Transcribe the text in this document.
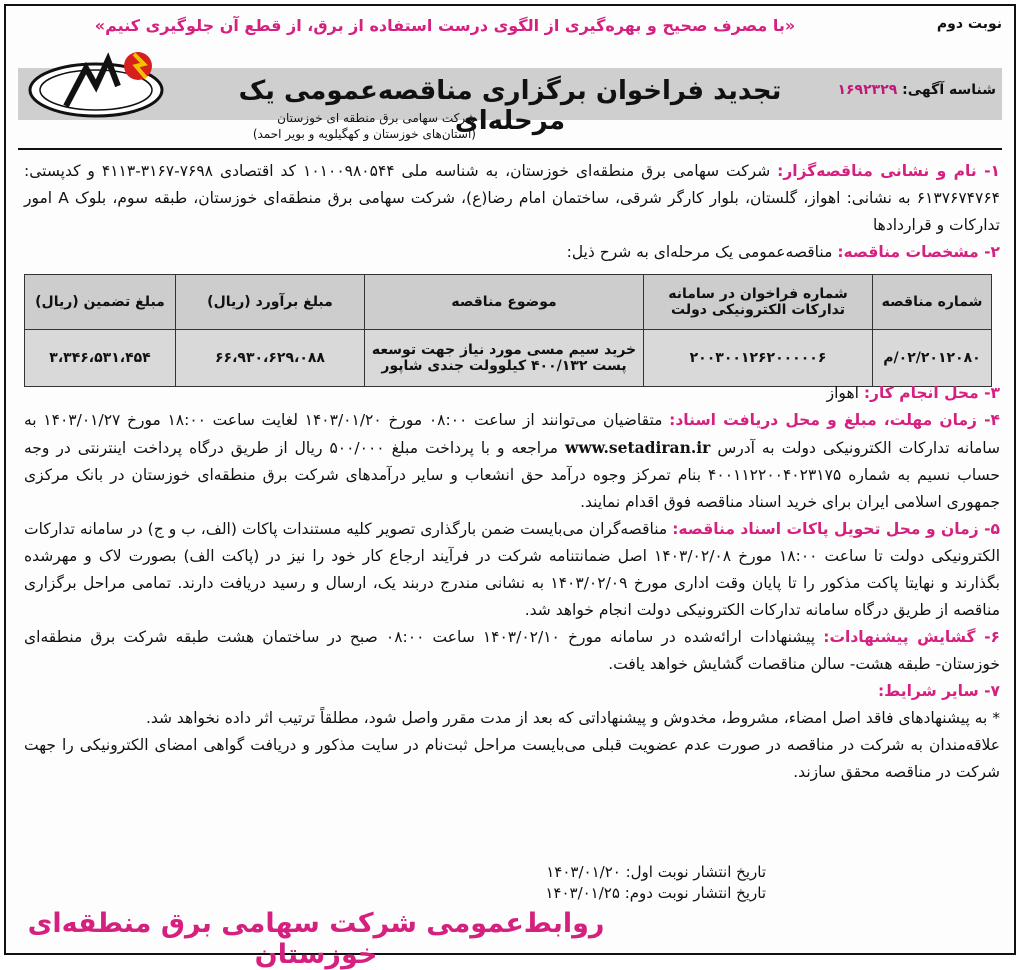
«با مصرف صحیح و بهره‌گیری از الگوی درست استفاده از برق، از قطع آن جلوگیری کنیم»	نوبت دوم
شناسه آگهی: ۱۶۹۲۳۲۹
تجدید فراخوان برگزاری مناقصه‌عمومی یک مرحله‌ای
شرکت سهامی برق منطقه ای خوزستان
(استان‌های خوزستان و کهگیلویه و بویر احمد)

۱- نام و نشانی مناقصه‌گزار: شرکت سهامی برق منطقه‌ای خوزستان، به شناسه ملی ۱۰۱۰۰۹۸۰۵۴۴ کد اقتصادی ۷۶۹۸-۳۱۶۷-۴۱۱۳ و کدپستی: ۶۱۳۷۶۷۴۷۶۴ به نشانی: اهواز، گلستان، بلوار کارگر شرقی، ساختمان امام رضا(ع)، شرکت سهامی برق منطقه‌ای خوزستان، طبقه سوم، بلوک A امور تدارکات و قراردادها

۲- مشخصات مناقصه: مناقصه‌عمومی یک مرحله‌ای به شرح ذیل:

شماره مناقصه	شماره فراخوان در سامانه تدارکات الکترونیکی دولت	موضوع مناقصه	مبلغ برآورد (ریال)	مبلغ تضمین (ریال)
۰۲/۲۰۱۲۰۸۰/م	۲۰۰۳۰۰۱۲۶۲۰۰۰۰۰۶	خرید سیم مسی مورد نیاز جهت توسعه پست ۴۰۰/۱۳۲ کیلوولت جندی شاپور	۶۶،۹۳۰،۶۲۹،۰۸۸	۳،۳۴۶،۵۳۱،۴۵۴

۳- محل انجام کار: اهواز

۴- زمان مهلت، مبلغ و محل دریافت اسناد: متقاضیان می‌توانند از ساعت ۰۸:۰۰ مورخ ۱۴۰۳/۰۱/۲۰ لغایت ساعت ۱۸:۰۰ مورخ ۱۴۰۳/۰۱/۲۷ به سامانه تدارکات الکترونیکی دولت به آدرس www.setadiran.ir مراجعه و با پرداخت مبلغ ۵۰۰/۰۰۰ ریال از طریق درگاه پرداخت اینترنتی در وجه حساب نسیم به شماره ۴۰۰۱۱۲۲۰۰۴۰۲۳۱۷۵ بنام تمرکز وجوه درآمد حق انشعاب و سایر درآمدهای شرکت برق منطقه‌ای خوزستان در بانک مرکزی جمهوری اسلامی ایران برای خرید اسناد مناقصه فوق اقدام نمایند.

۵- زمان و محل تحویل پاکات اسناد مناقصه: مناقصه‌گران می‌بایست ضمن بارگذاری تصویر کلیه مستندات پاکات (الف، ب و ج) در سامانه تدارکات الکترونیکی دولت تا ساعت ۱۸:۰۰ مورخ ۱۴۰۳/۰۲/۰۸ اصل ضمانتنامه شرکت در فرآیند ارجاع کار خود را نیز در (پاکت الف) بصورت لاک و مهرشده بگذارند و نهایتا پاکت مذکور را تا پایان وقت اداری مورخ ۱۴۰۳/۰۲/۰۹ به نشانی مندرج دربند یک، ارسال و رسید دریافت دارند. تمامی مراحل برگزاری مناقصه از طریق درگاه سامانه تدارکات الکترونیکی دولت انجام خواهد شد.

۶- گشایش پیشنهادات: پیشنهادات ارائه‌شده در سامانه مورخ ۱۴۰۳/۰۲/۱۰ ساعت ۰۸:۰۰ صبح در ساختمان هشت طبقه شرکت برق منطقه‌ای خوزستان- طبقه هشت- سالن مناقصات گشایش خواهد یافت.

۷- سایر شرایط:

* به پیشنهادهای فاقد اصل امضاء، مشروط، مخدوش و پیشنهاداتی که بعد از مدت مقرر واصل شود، مطلقاً ترتیب اثر داده نخواهد شد.

علاقه‌مندان به شرکت در مناقصه در صورت عدم عضویت قبلی می‌بایست مراحل ثبت‌نام در سایت مذکور و دریافت گواهی امضای الکترونیکی را جهت شرکت در مناقصه محقق سازند.

تاریخ انتشار نوبت اول: ۱۴۰۳/۰۱/۲۰
تاریخ انتشار نوبت دوم: ۱۴۰۳/۰۱/۲۵
روابط‌عمومی شرکت سهامی برق منطقه‌ای خوزستان
